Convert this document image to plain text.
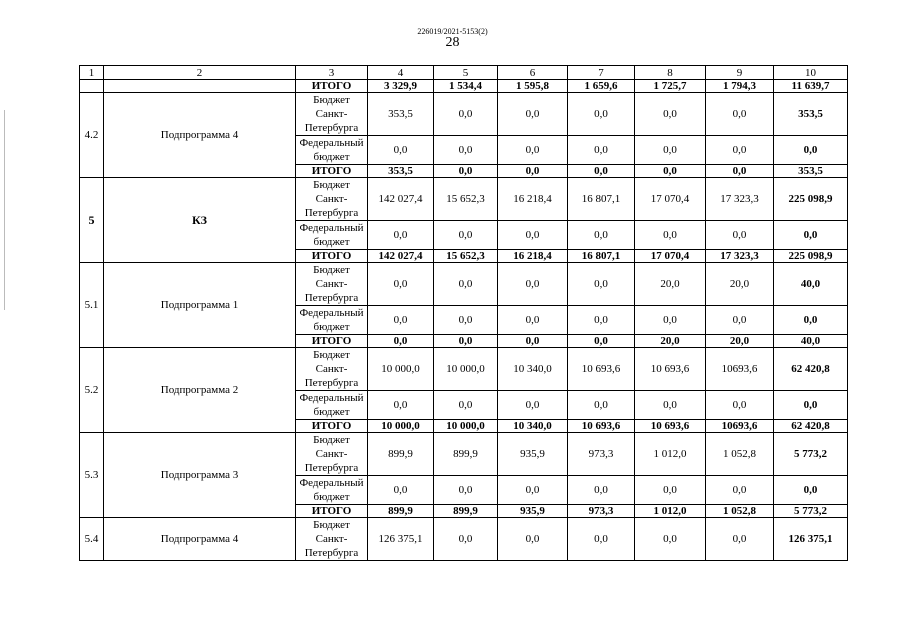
226019/2021-5153(2)
28
1	2	3	4	5	6	7	8	9	10
		ИТОГО	3 329,9	1 534,4	1 595,8	1 659,6	1 725,7	1 794,3	11 639,7
4.2	Подпрограмма 4	Бюджет
Санкт-
Петербурга	353,5	0,0	0,0	0,0	0,0	0,0	353,5
		Федеральный
бюджет	0,0	0,0	0,0	0,0	0,0	0,0	0,0
		ИТОГО	353,5	0,0	0,0	0,0	0,0	0,0	353,5
5	КЗ	Бюджет
Санкт-
Петербурга	142 027,4	15 652,3	16 218,4	16 807,1	17 070,4	17 323,3	225 098,9
		Федеральный
бюджет	0,0	0,0	0,0	0,0	0,0	0,0	0,0
		ИТОГО	142 027,4	15 652,3	16 218,4	16 807,1	17 070,4	17 323,3	225 098,9
5.1	Подпрограмма 1	Бюджет
Санкт-
Петербурга	0,0	0,0	0,0	0,0	20,0	20,0	40,0
		Федеральный
бюджет	0,0	0,0	0,0	0,0	0,0	0,0	0,0
		ИТОГО	0,0	0,0	0,0	0,0	20,0	20,0	40,0
5.2	Подпрограмма 2	Бюджет
Санкт-
Петербурга	10 000,0	10 000,0	10 340,0	10 693,6	10 693,6	10693,6	62 420,8
		Федеральный
бюджет	0,0	0,0	0,0	0,0	0,0	0,0	0,0
		ИТОГО	10 000,0	10 000,0	10 340,0	10 693,6	10 693,6	10693,6	62 420,8
5.3	Подпрограмма 3	Бюджет
Санкт-
Петербурга	899,9	899,9	935,9	973,3	1 012,0	1 052,8	5 773,2
		Федеральный
бюджет	0,0	0,0	0,0	0,0	0,0	0,0	0,0
		ИТОГО	899,9	899,9	935,9	973,3	1 012,0	1 052,8	5 773,2
5.4	Подпрограмма 4	Бюджет
Санкт-
Петербурга	126 375,1	0,0	0,0	0,0	0,0	0,0	126 375,1
